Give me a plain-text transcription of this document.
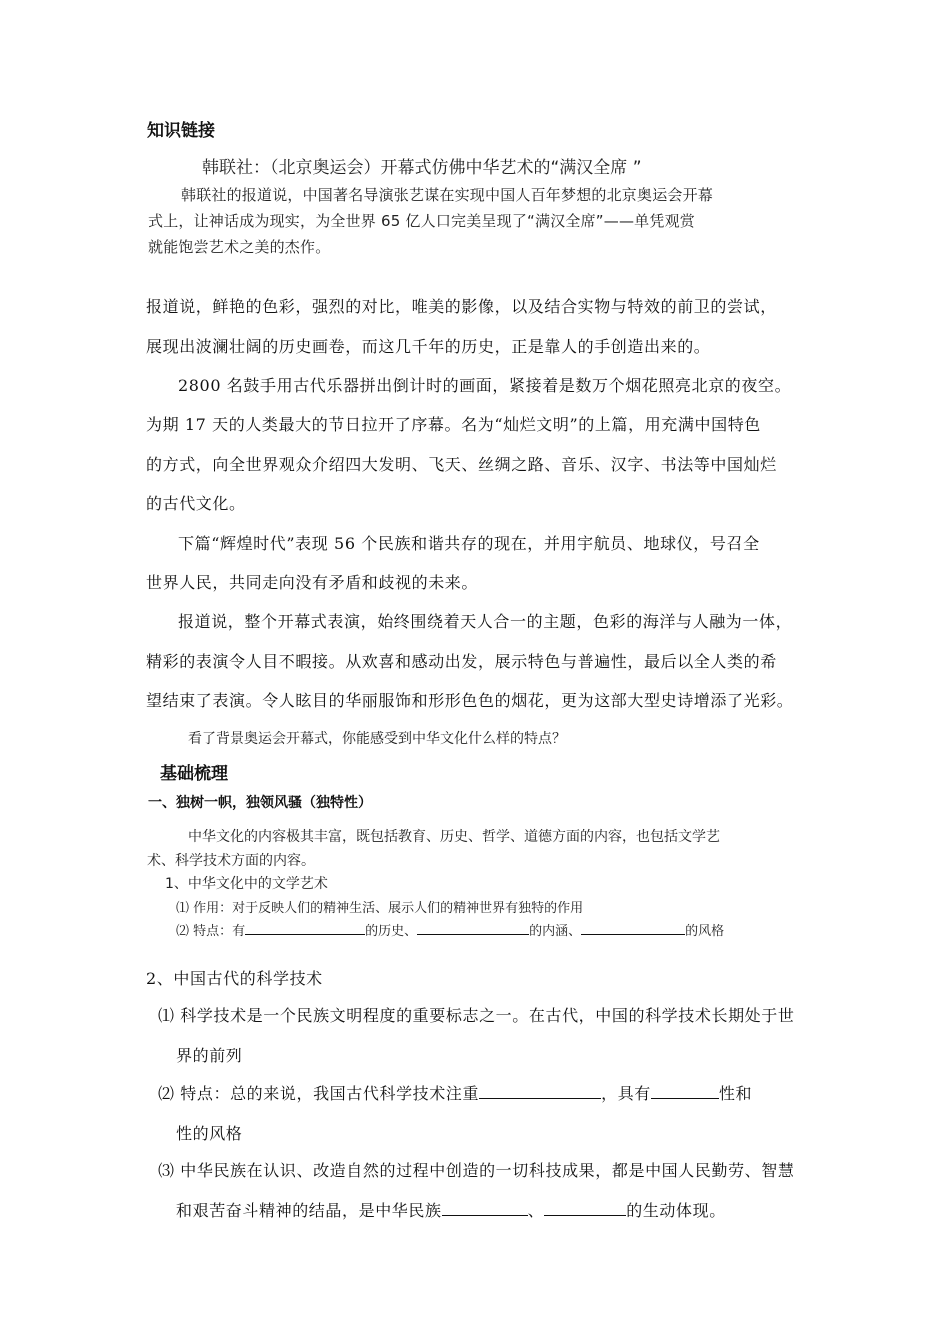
知识链接
韩联社：（北京奥运会）开幕式仿佛中华艺术的“满汉全席 ”
韩联社的报道说，中国著名导演张艺谋在实现中国人百年梦想的北京奥运会开幕
式上，让神话成为现实，为全世界 65 亿人口完美呈现了“满汉全席”——单凭观赏
就能饱尝艺术之美的杰作。
报道说，鲜艳的色彩，强烈的对比，唯美的影像，以及结合实物与特效的前卫的尝试，
展现出波澜壮阔的历史画卷，而这几千年的历史，正是靠人的手创造出来的。
2800 名鼓手用古代乐器拼出倒计时的画面，紧接着是数万个烟花照亮北京的夜空。
为期 17 天的人类最大的节日拉开了序幕。名为“灿烂文明”的上篇，用充满中国特色
的方式，向全世界观众介绍四大发明、飞天、丝绸之路、音乐、汉字、书法等中国灿烂
的古代文化。
下篇“辉煌时代”表现 56 个民族和谐共存的现在，并用宇航员、地球仪，号召全
世界人民，共同走向没有矛盾和歧视的未来。
报道说，整个开幕式表演，始终围绕着天人合一的主题，色彩的海洋与人融为一体，
精彩的表演令人目不暇接。从欢喜和感动出发，展示特色与普遍性，最后以全人类的希
望结束了表演。令人眩目的华丽服饰和形形色色的烟花，更为这部大型史诗增添了光彩。
看了背景奥运会开幕式，你能感受到中华文化什么样的特点？
基础梳理
一、独树一帜，独领风骚（独特性）
中华文化的内容极其丰富，既包括教育、历史、哲学、道德方面的内容，也包括文学艺
术、科学技术方面的内容。
1、中华文化中的文学艺术
⑴ 作用：对于反映人们的精神生活、展示人们的精神世界有独特的作用
⑵ 特点：有	的历史、	的内涵、	的风格
2、中国古代的科学技术
⑴ 科学技术是一个民族文明程度的重要标志之一。在古代，中国的科学技术长期处于世
界的前列
⑵ 特点：总的来说，我国古代科学技术注重	，具有	性和
性的风格
⑶ 中华民族在认识、改造自然的过程中创造的一切科技成果，都是中国人民勤劳、智慧
和艰苦奋斗精神的结晶，是中华民族	、	的生动体现。
